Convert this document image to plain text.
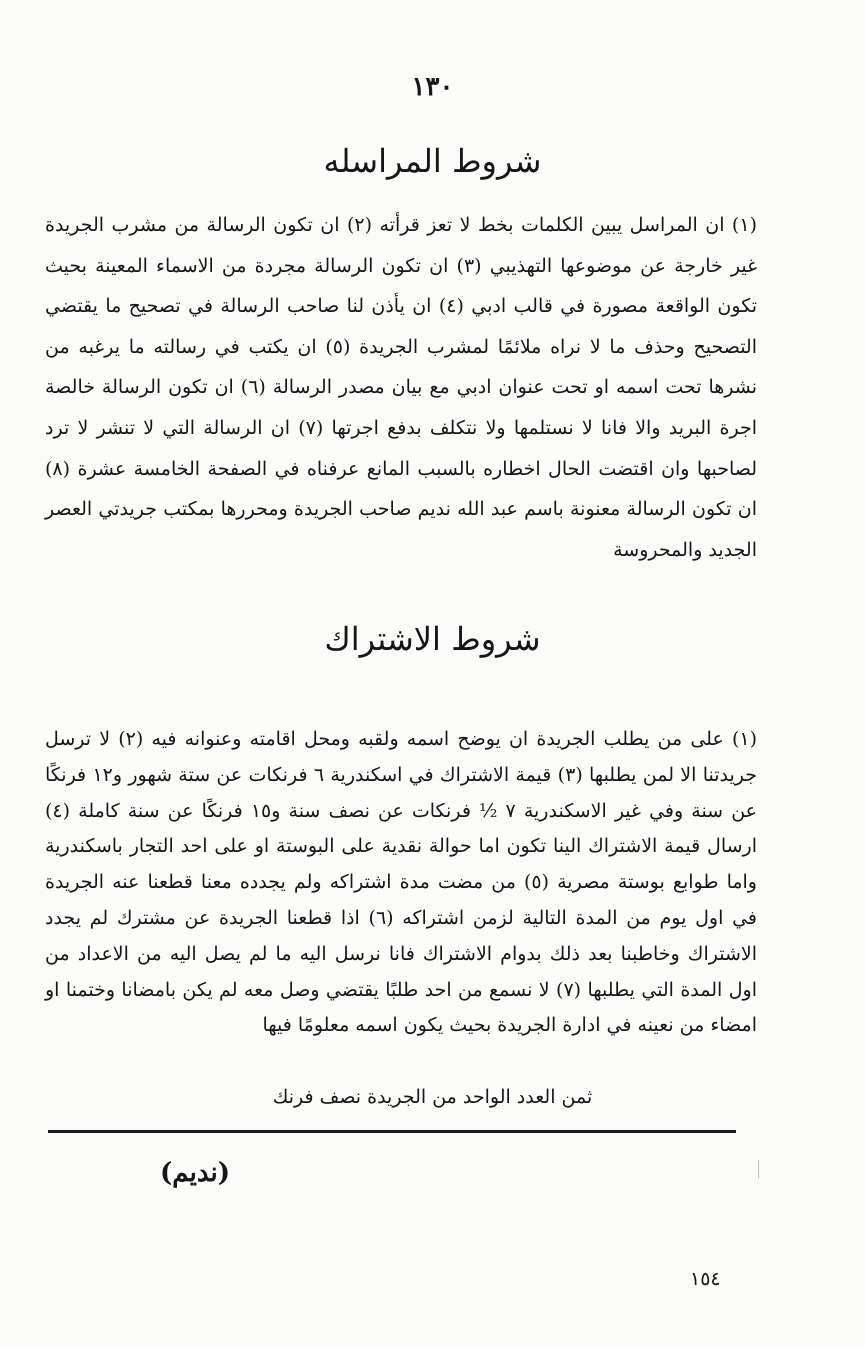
١٣٠
شروط المراسله
(١) ان المراسل يبين الكلمات بخط لا تعز قرأته (٢) ان تكون الرسالة من مشرب الجريدة غير خارجة عن موضوعها التهذيبي (٣) ان تكون الرسالة مجردة من الاسماء المعينة بحيث تكون الواقعة مصورة في قالب ادبي (٤) ان يأذن لنا صاحب الرسالة في تصحيح ما يقتضي التصحيح وحذف ما لا نراه ملائمًا لمشرب الجريدة (٥) ان يكتب في رسالته ما يرغبه من نشرها تحت اسمه او تحت عنوان ادبي مع بيان مصدر الرسالة (٦) ان تكون الرسالة خالصة اجرة البريد والا فانا لا نستلمها ولا نتكلف بدفع اجرتها (٧) ان الرسالة التي لا تنشر لا ترد لصاحبها وان اقتضت الحال اخطاره بالسبب المانع عرفناه في الصفحة الخامسة عشرة (٨) ان تكون الرسالة معنونة باسم عبد الله نديم صاحب الجريدة ومحررها بمكتب جريدتي العصر الجديد والمحروسة
شروط الاشتراك
(١) على من يطلب الجريدة ان يوضح اسمه ولقبه ومحل اقامته وعنوانه فيه (٢) لا ترسل جريدتنا الا لمن يطلبها (٣) قيمة الاشتراك في اسكندرية ٦ فرنكات عن ستة شهور و١٢ فرنكًا عن سنة وفي غير الاسكندرية ٧ ½ فرنكات عن نصف سنة و١٥ فرنكًا عن سنة كاملة (٤) ارسال قيمة الاشتراك الينا تكون اما حوالة نقدية على البوستة او على احد التجار باسكندرية واما طوابع بوستة مصرية (٥) من مضت مدة اشتراكه ولم يجدده معنا قطعنا عنه الجريدة في اول يوم من المدة التالية لزمن اشتراكه (٦) اذا قطعنا الجريدة عن مشترك لم يجدد الاشتراك وخاطبنا بعد ذلك بدوام الاشتراك فانا نرسل اليه ما لم يصل اليه من الاعداد من اول المدة التي يطلبها (٧) لا نسمع من احد طلبًا يقتضي وصل معه لم يكن بامضانا وختمنا او امضاء من نعينه في ادارة الجريدة بحيث يكون اسمه معلومًا فيها
ثمن العدد الواحد من الجريدة نصف فرنك
(نديم)
١٥٤
